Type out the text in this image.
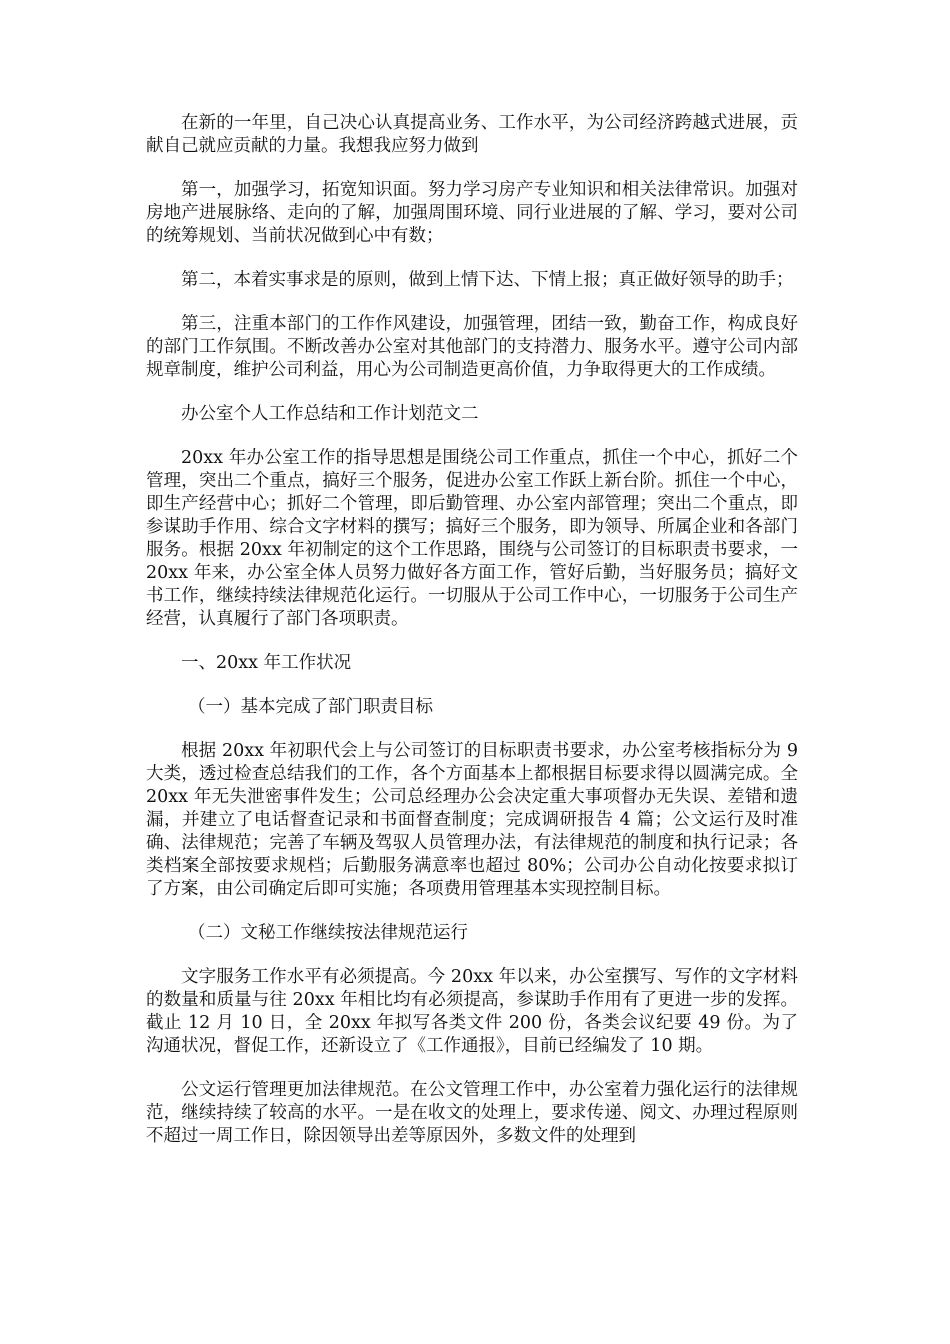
在新的一年里，自己决心认真提高业务、工作水平，为公司经济跨越式进展，贡献自己就应贡献的力量。我想我应努力做到

第一，加强学习，拓宽知识面。努力学习房产专业知识和相关法律常识。加强对房地产进展脉络、走向的了解，加强周围环境、同行业进展的了解、学习，要对公司的统筹规划、当前状况做到心中有数；

第二，本着实事求是的原则，做到上情下达、下情上报；真正做好领导的助手；

第三，注重本部门的工作作风建设，加强管理，团结一致，勤奋工作，构成良好的部门工作氛围。不断改善办公室对其他部门的支持潜力、服务水平。遵守公司内部规章制度，维护公司利益，用心为公司制造更高价值，力争取得更大的工作成绩。

办公室个人工作总结和工作计划范文二

20xx 年办公室工作的指导思想是围绕公司工作重点，抓住一个中心，抓好二个管理，突出二个重点，搞好三个服务，促进办公室工作跃上新台阶。抓住一个中心，即生产经营中心；抓好二个管理，即后勤管理、办公室内部管理；突出二个重点，即参谋助手作用、综合文字材料的撰写；搞好三个服务，即为领导、所属企业和各部门服务。根据 20xx 年初制定的这个工作思路，围绕与公司签订的目标职责书要求，一 20xx 年来，办公室全体人员努力做好各方面工作，管好后勤，当好服务员；搞好文书工作，继续持续法律规范化运行。一切服从于公司工作中心，一切服务于公司生产经营，认真履行了部门各项职责。

一、20xx 年工作状况

（一）基本完成了部门职责目标

根据 20xx 年初职代会上与公司签订的目标职责书要求，办公室考核指标分为 9 大类，透过检查总结我们的工作，各个方面基本上都根据目标要求得以圆满完成。全 20xx 年无失泄密事件发生；公司总经理办公会决定重大事项督办无失误、差错和遗漏，并建立了电话督查记录和书面督查制度；完成调研报告 4 篇；公文运行及时准确、法律规范；完善了车辆及驾驭人员管理办法，有法律规范的制度和执行记录；各类档案全部按要求规档；后勤服务满意率也超过 80%；公司办公自动化按要求拟订了方案，由公司确定后即可实施；各项费用管理基本实现控制目标。

（二）文秘工作继续按法律规范运行

文字服务工作水平有必须提高。今 20xx 年以来，办公室撰写、写作的文字材料的数量和质量与往 20xx 年相比均有必须提高，参谋助手作用有了更进一步的发挥。截止 12 月 10 日，全 20xx 年拟写各类文件 200 份，各类会议纪要 49 份。为了沟通状况，督促工作，还新设立了《工作通报》，目前已经编发了 10 期。

公文运行管理更加法律规范。在公文管理工作中，办公室着力强化运行的法律规范，继续持续了较高的水平。一是在收文的处理上，要求传递、阅文、办理过程原则不超过一周工作日，除因领导出差等原因外，多数文件的处理到
